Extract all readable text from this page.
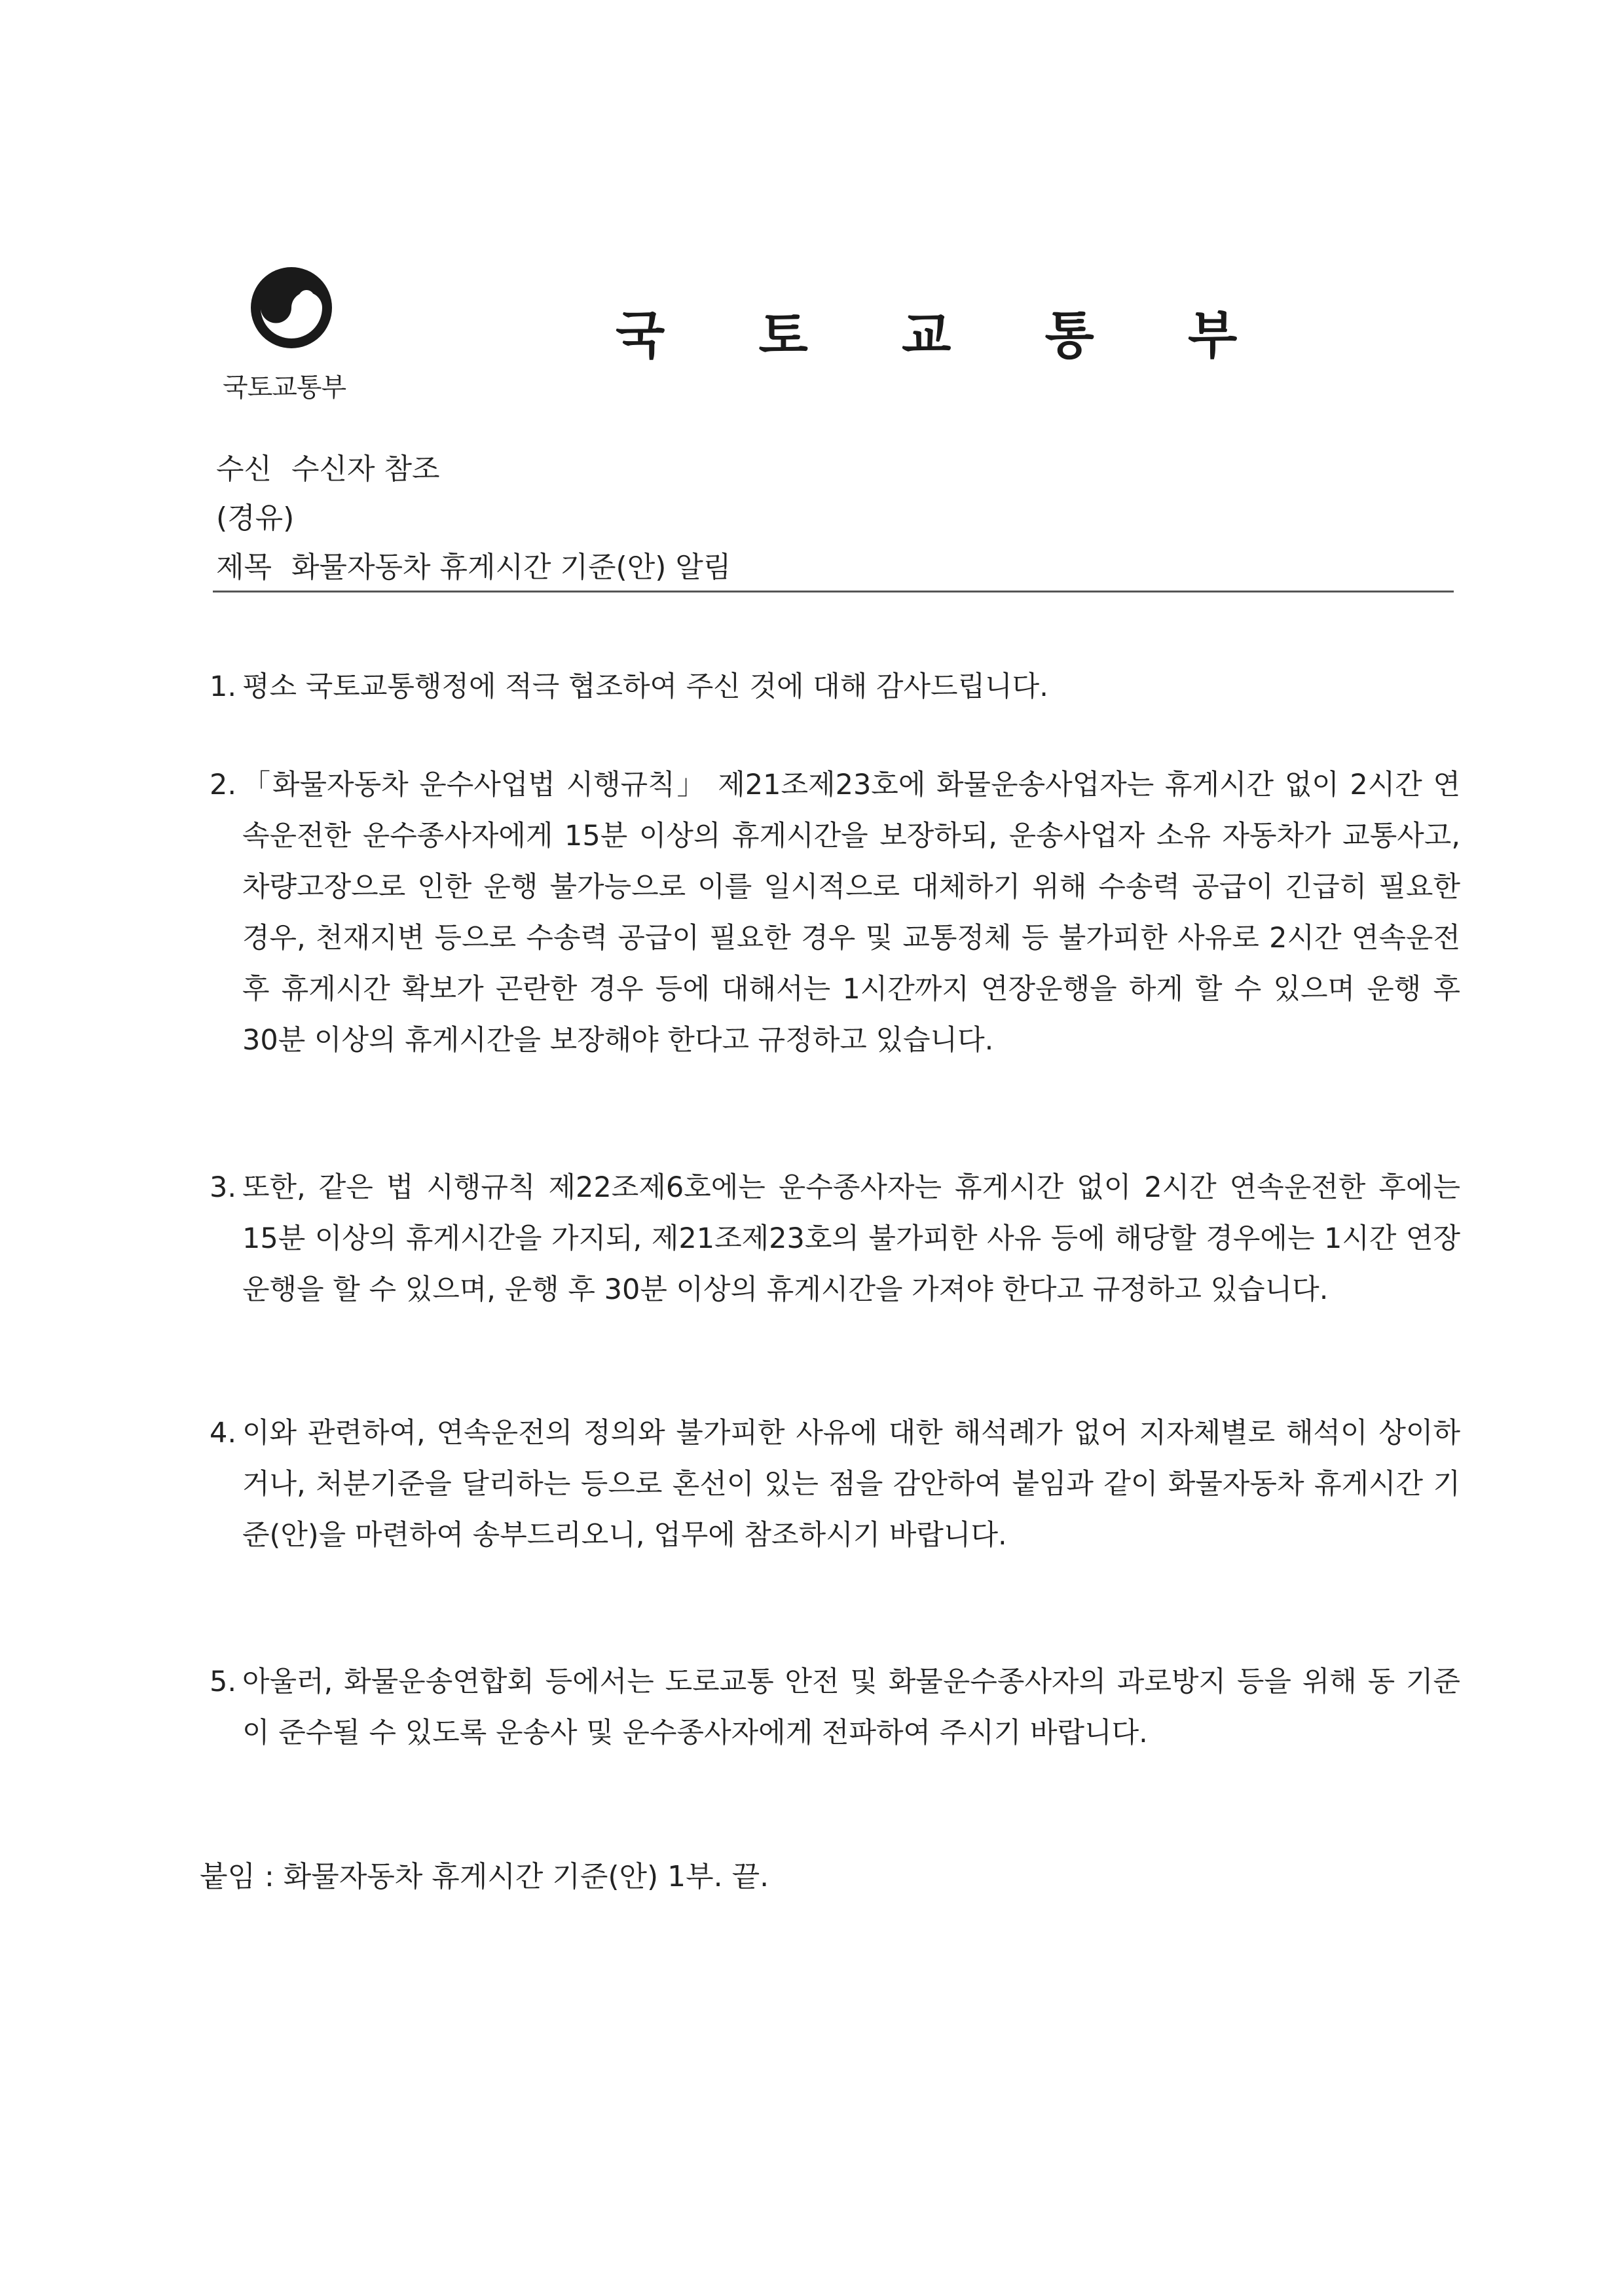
국토교통부
국 토 교 통 부
수신 수신자 참조
(경유)
제목 화물자동차 휴게시간 기준(안) 알림
1. 평소 국토교통행정에 적극 협조하여 주신 것에 대해 감사드립니다.
2. 「화물자동차 운수사업법 시행규칙」 제21조제23호에 화물운송사업자는 휴게시간 없이 2시간 연속운전한 운수종사자에게 15분 이상의 휴게시간을 보장하되, 운송사업자 소유 자동차가 교통사고, 차량고장으로 인한 운행 불가능으로 이를 일시적으로 대체하기 위해 수송력 공급이 긴급히 필요한 경우, 천재지변 등으로 수송력 공급이 필요한 경우 및 교통정체 등 불가피한 사유로 2시간 연속운전 후 휴게시간 확보가 곤란한 경우 등에 대해서는 1시간까지 연장운행을 하게 할 수 있으며 운행 후 30분 이상의 휴게시간을 보장해야 한다고 규정하고 있습니다.
3. 또한, 같은 법 시행규칙 제22조제6호에는 운수종사자는 휴게시간 없이 2시간 연속운전한 후에는 15분 이상의 휴게시간을 가지되, 제21조제23호의 불가피한 사유 등에 해당할 경우에는 1시간 연장운행을 할 수 있으며, 운행 후 30분 이상의 휴게시간을 가져야 한다고 규정하고 있습니다.
4. 이와 관련하여, 연속운전의 정의와 불가피한 사유에 대한 해석례가 없어 지자체별로 해석이 상이하거나, 처분기준을 달리하는 등으로 혼선이 있는 점을 감안하여 붙임과 같이 화물자동차 휴게시간 기준(안)을 마련하여 송부드리오니, 업무에 참조하시기 바랍니다.
5. 아울러, 화물운송연합회 등에서는 도로교통 안전 및 화물운수종사자의 과로방지 등을 위해 동 기준이 준수될 수 있도록 운송사 및 운수종사자에게 전파하여 주시기 바랍니다.
붙임 : 화물자동차 휴게시간 기준(안) 1부. 끝.
